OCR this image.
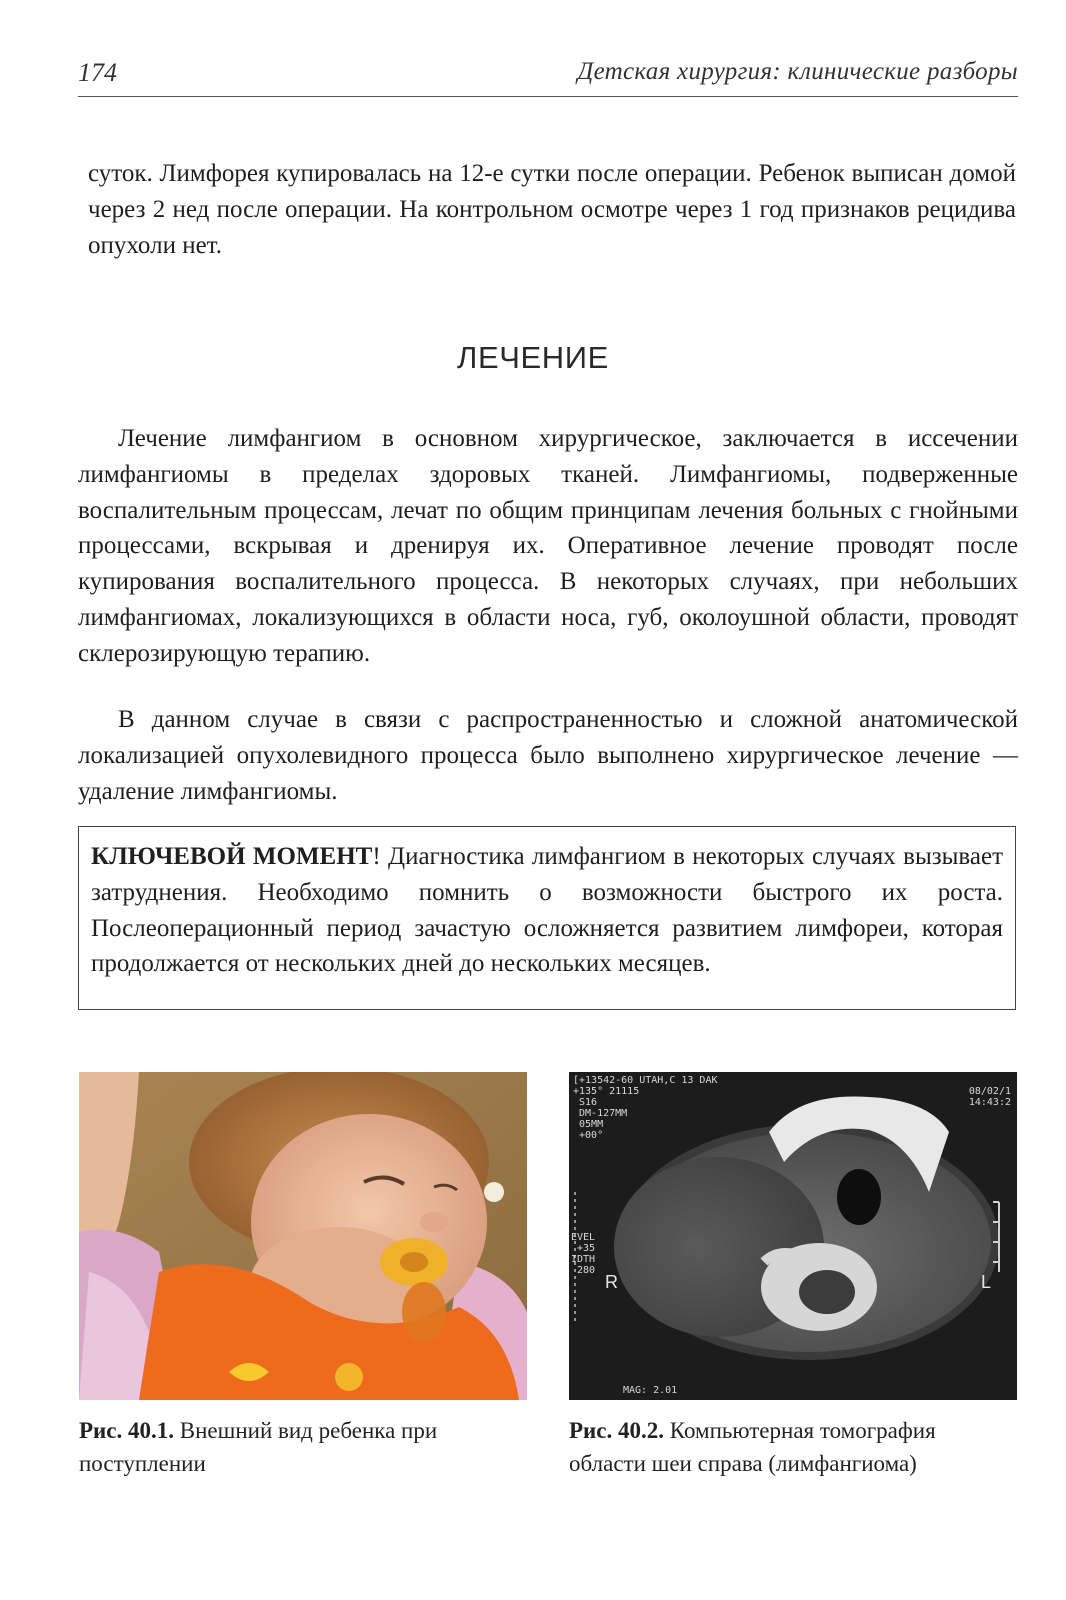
174	Детская хирургия: клинические разборы

суток. Лимфорея купировалась на 12-е сутки после операции. Ребенок выписан домой через 2 нед после операции. На контрольном осмотре через 1 год признаков рецидива опухоли нет.

ЛЕЧЕНИЕ

Лечение лимфангиом в основном хирургическое, заключается в иссечении лимфангиомы в пределах здоровых тканей. Лимфангиомы, подверженные воспалительным процессам, лечат по общим принципам лечения больных с гнойными процессами, вскрывая и дренируя их. Оперативное лечение проводят после купирования воспалительного процесса. В некоторых случаях, при небольших лимфангиомах, локализующихся в области носа, губ, околоушной области, проводят склерозирующую терапию.

В данном случае в связи с распространенностью и сложной анатомической локализацией опухолевидного процесса было выполнено хирургическое лечение — удаление лимфангиомы.

КЛЮЧЕВОЙ МОМЕНТ! Диагностика лимфангиом в некоторых случаях вызывает затруднения. Необходимо помнить о возможности быстрого их роста. Послеоперационный период зачастую осложняется развитием лимфореи, которая продолжается от нескольких дней до нескольких месяцев.

Рис. 40.1. Внешний вид ребенка при поступлении
[+13542-60 UTAH,C 13 DAK
+135° 21115
S16
DM-127MM
05MM
+00°
08/02/1
14:43:2
EVEL
+35
IDTH
280
R	L
MAG: 2.01
Рис. 40.2. Компьютерная томография области шеи справа (лимфангиома)
